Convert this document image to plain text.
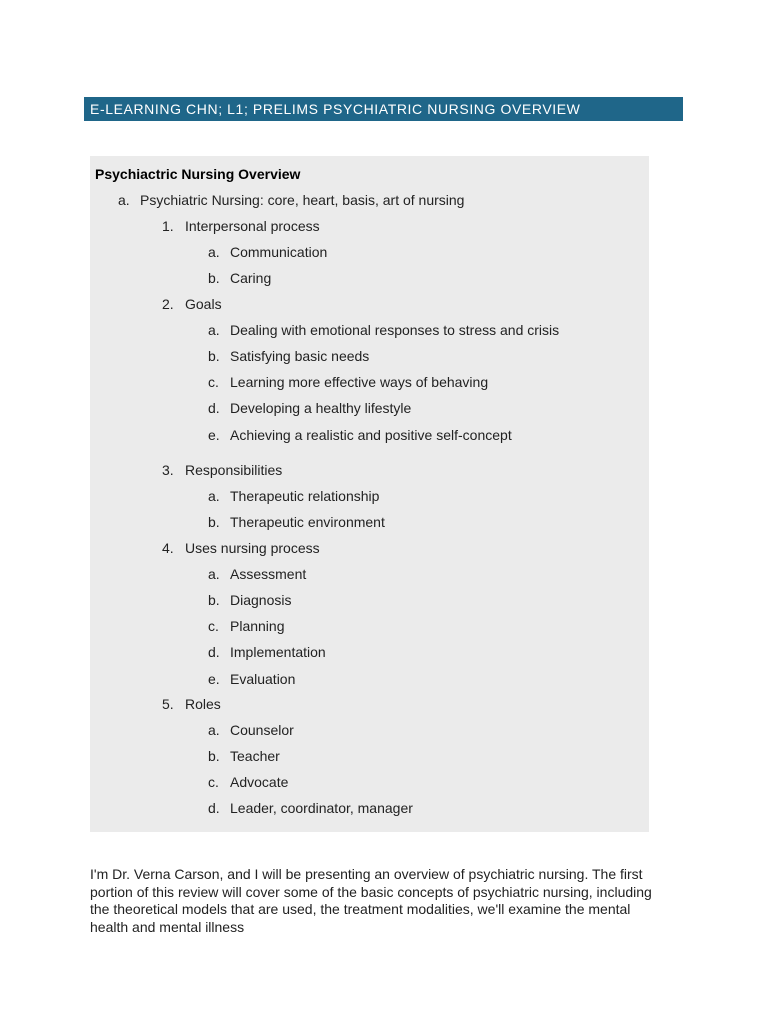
E-LEARNING CHN; L1; PRELIMS PSYCHIATRIC NURSING OVERVIEW
Psychiactric Nursing Overview
a. Psychiatric Nursing: core, heart, basis, art of nursing
1. Interpersonal process
a. Communication
b. Caring
2. Goals
a. Dealing with emotional responses to stress and crisis
b. Satisfying basic needs
c. Learning more effective ways of behaving
d. Developing a healthy lifestyle
e. Achieving a realistic and positive self-concept
3. Responsibilities
a. Therapeutic relationship
b. Therapeutic environment
4. Uses nursing process
a. Assessment
b. Diagnosis
c. Planning
d. Implementation
e. Evaluation
5. Roles
a. Counselor
b. Teacher
c. Advocate
d. Leader, coordinator, manager
I'm Dr. Verna Carson, and I will be presenting an overview of psychiatric nursing. The first portion of this review will cover some of the basic concepts of psychiatric nursing, including the theoretical models that are used, the treatment modalities, we'll examine the mental health and mental illness
